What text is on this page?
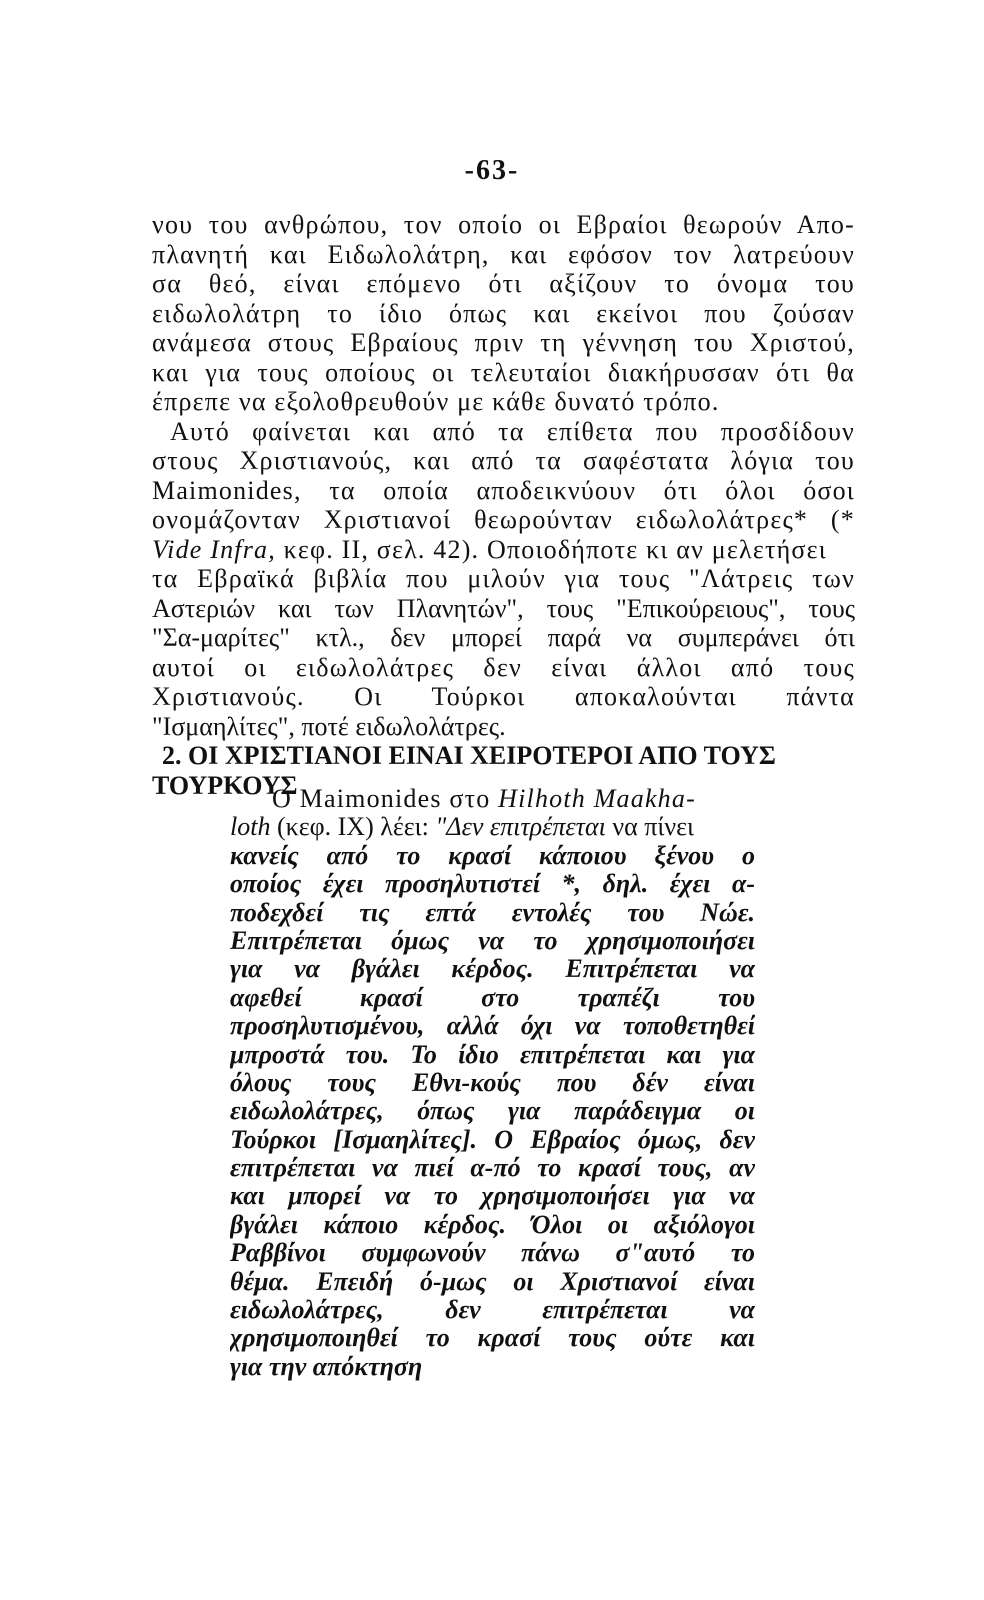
-63-
νου του ανθρώπου, τον οποίο οι Εβραίοι θεωρούν Απο-
πλανητή και Ειδωλολάτρη, και εφόσον τον λατρεύουν
σα θεό, είναι επόμενο ότι αξίζουν το όνομα του
ειδωλολάτρη το ίδιο όπως και εκείνοι που ζούσαν
ανάμεσα στους Εβραίους πριν τη γέννηση του Χριστού,
και για τους οποίους οι τελευταίοι διακήρυσσαν ότι θα
έπρεπε να εξολοθρευθούν με κάθε δυνατό τρόπο.
Αυτό φαίνεται και από τα επίθετα που προσδίδουν
στους Χριστιανούς, και από τα σαφέστατα λόγια του
Maimonides, τα οποία αποδεικνύουν ότι όλοι όσοι
ονομάζονταν Χριστιανοί θεωρούνταν ειδωλολάτρες* (*
Vide Infra, κεφ. II, σελ. 42). Οποιοδήποτε κι αν μελετήσει
τα Εβραϊκά βιβλία που μιλούν για τους "Λάτρεις των
Αστεριών και των Πλανητών", τους "Επικούρειους", τους
"Σα-μαρίτες" κτλ., δεν μπορεί παρά να συμπεράνει ότι
αυτοί οι ειδωλολάτρες δεν είναι άλλοι από τους
Χριστιανούς. Οι Τούρκοι αποκαλούνται πάντα
"Ισμαηλίτες", ποτέ ειδωλολάτρες.
2. ΟΙ ΧΡΙΣΤΙΑΝΟΙ ΕΙΝΑΙ ΧΕΙΡΟΤΕΡΟΙ ΑΠΟ ΤΟΥΣ
ΤΟΥΡΚΟΥΣ
Ο Maimonides στο Hilhoth Maakha-
loth (κεφ. IX) λέει: "Δεν επιτρέπεται να πίνει
κανείς από το κρασί κάποιου ξένου ο
οποίος έχει προσηλυτιστεί *, δηλ. έχει α-
ποδεχδεί τις επτά εντολές του Νώε.
Επιτρέπεται όμως να το χρησιμοποιήσει
για να βγάλει κέρδος. Επιτρέπεται να
αφεθεί κρασί στο τραπέζι του
προσηλυτισμένου, αλλά όχι να τοποθετηθεί
μπροστά του. Το ίδιο επιτρέπεται και για
όλους τους Εθνι-κούς που δέν είναι
ειδωλολάτρες, όπως για παράδειγμα οι
Τούρκοι [Ισμαηλίτες]. Ο Εβραίος όμως, δεν
επιτρέπεται να πιεί α-πό το κρασί τους, αν
και μπορεί να το χρησιμοποιήσει για να
βγάλει κάποιο κέρδος. Όλοι οι αξιόλογοι
Ραββίνοι συμφωνούν πάνω σ"αυτό το
θέμα. Επειδή ό-μως οι Χριστιανοί είναι
ειδωλολάτρες, δεν επιτρέπεται να
χρησιμοποιηθεί το κρασί τους ούτε και
για την απόκτηση
